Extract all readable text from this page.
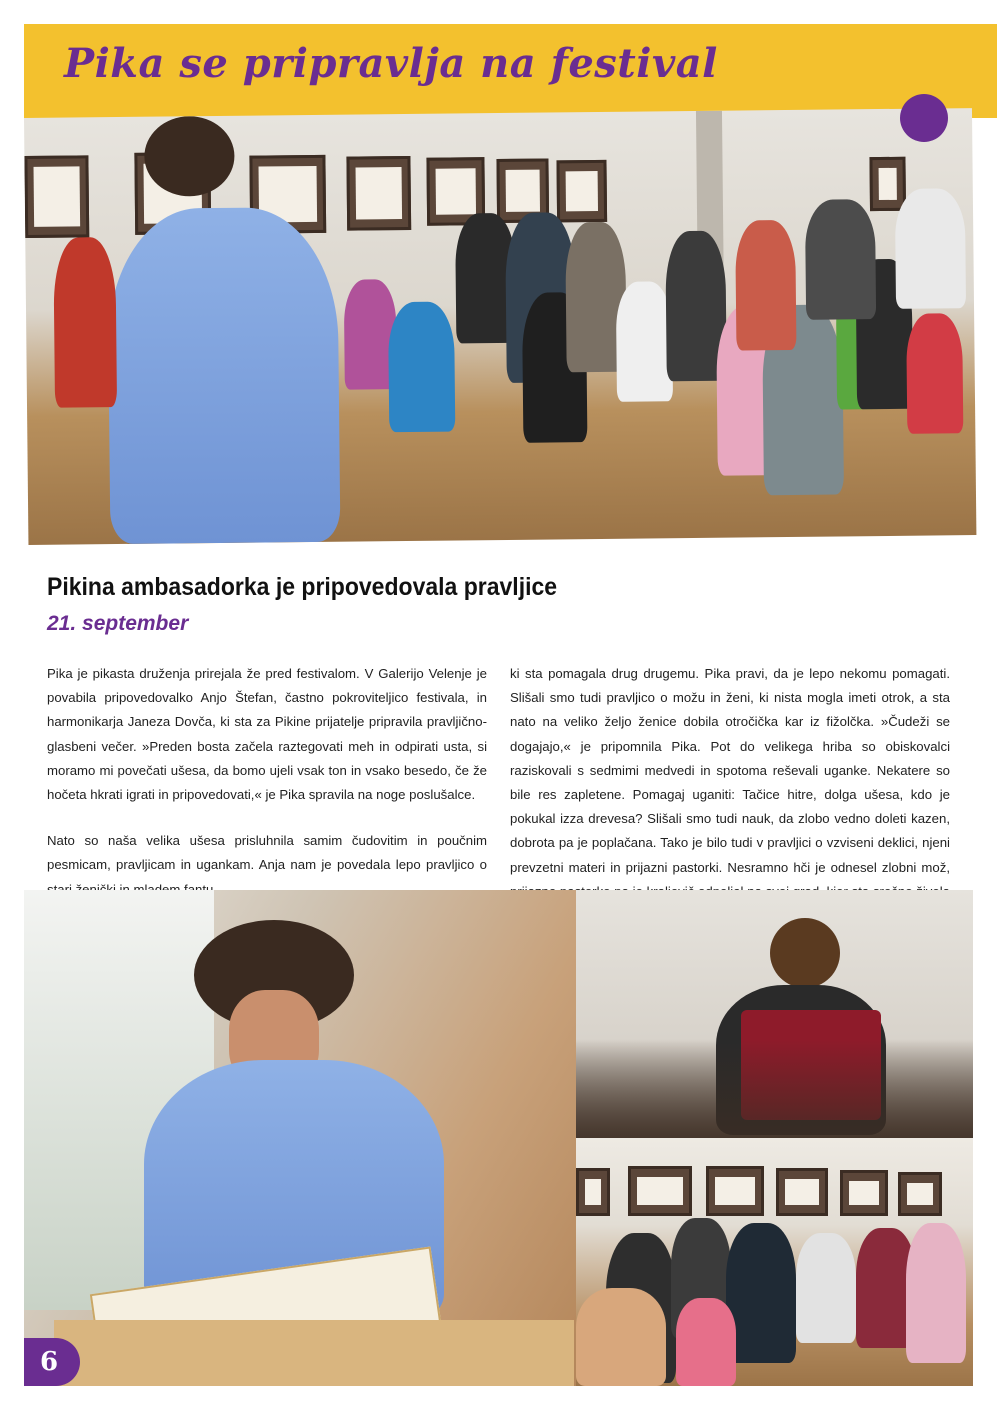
Pika se pripravlja na festival
Pikina ambasadorka je pripovedovala pravljice

21. september

Pika je pikasta druženja prirejala že pred festivalom. V Galerijo Velenje je povabila pripovedovalko Anjo Štefan, častno pokroviteljico festivala, in harmonikarja Janeza Dovča, ki sta za Pikine prijatelje pripravila pravljično-glasbeni večer. »Preden bosta začela raztegovati meh in odpirati usta, si moramo mi povečati ušesa, da bomo ujeli vsak ton in vsako besedo, če že hočeta hkrati igrati in pripovedovati,« je Pika spravila na noge poslušalce.

Nato so naša velika ušesa prisluhnila samim čudovitim in poučnim pesmicam, pravljicam in ugankam. Anja nam je povedala lepo pravljico o

ki sta pomagala drug drugemu. Pika pravi, da je lepo nekomu pomagati. Slišali smo tudi pravljico o možu in ženi, ki nista mogla imeti otrok, a sta nato na veliko željo ženice dobila otročička kar iz fižolčka. »Čudeži se dogajajo,« je pripomnila Pika. Pot do velikega hriba so obiskovalci raziskovali s sedmimi medvedi in spotoma reševali uganke. Nekatere so bile res zapletene. Pomagaj uganiti: Tačice hitre, dolga ušesa, kdo je pokukal izza drevesa? Slišali smo tudi nauk, da zlobo vedno doleti kazen, dobrota pa je poplačana. Tako je bilo tudi v pravljici o vzviseni deklici, njeni prevzetni materi in prijazni pastorki. Nesramno hči je odnesel zlobni mož,

6
